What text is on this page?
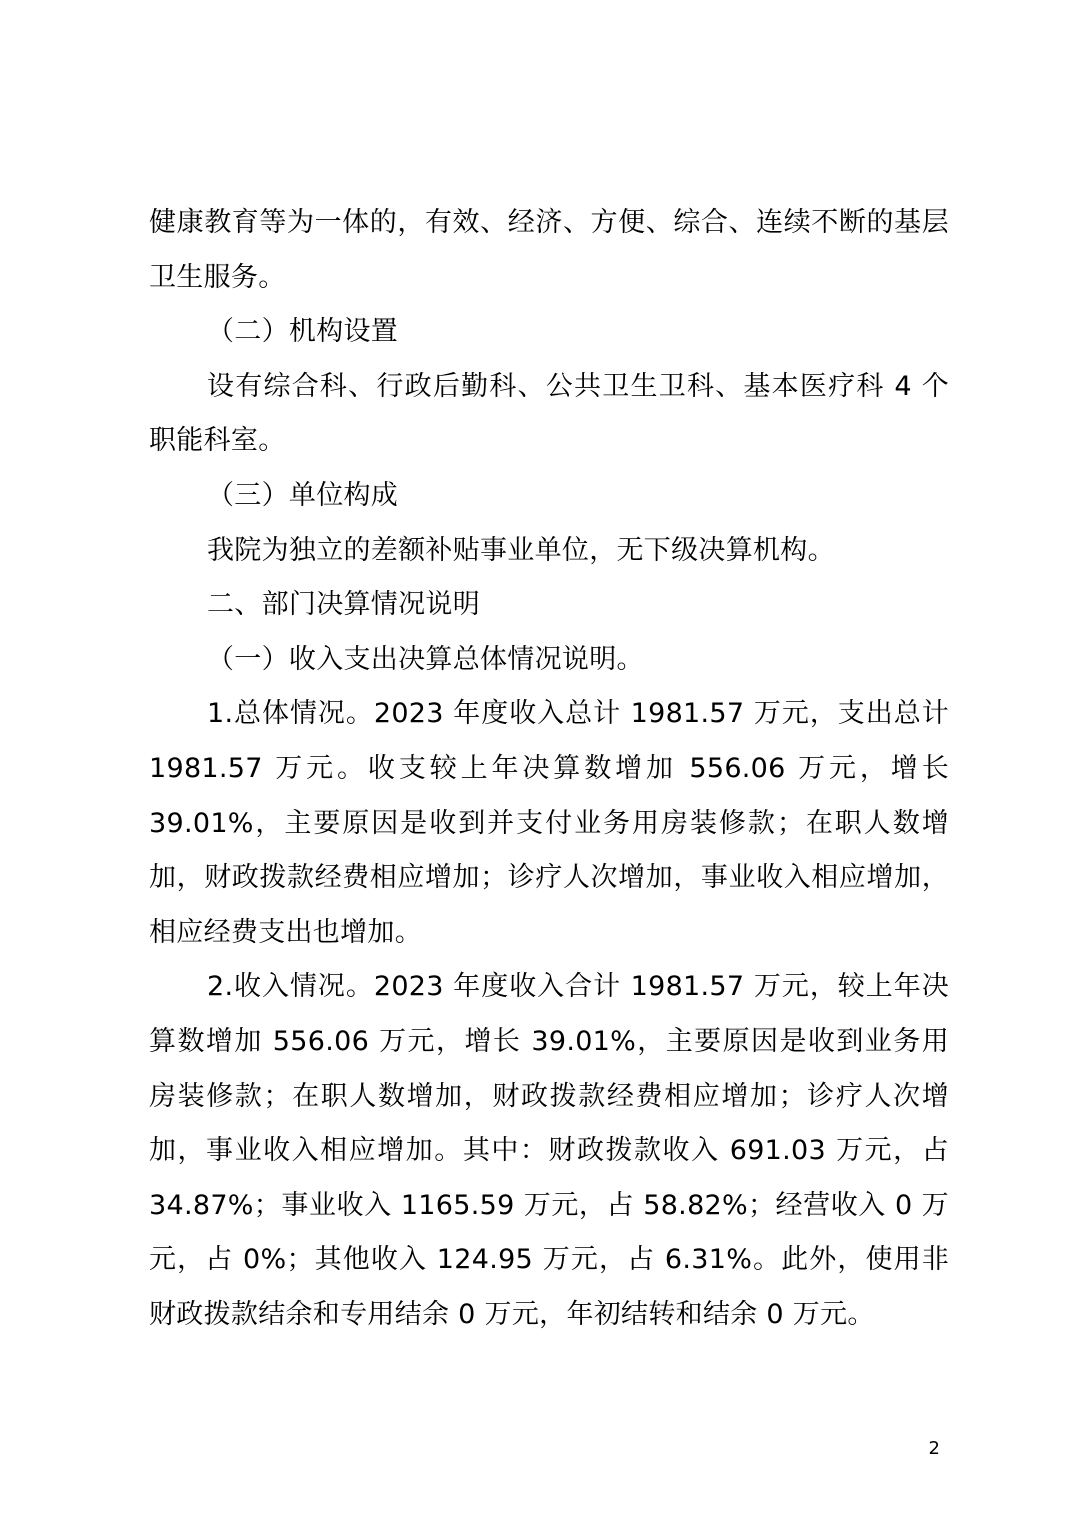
健康教育等为一体的，有效、经济、方便、综合、连续不断的基层卫生服务。

（二）机构设置

设有综合科、行政后勤科、公共卫生卫科、基本医疗科 4 个职能科室。

（三）单位构成

我院为独立的差额补贴事业单位，无下级决算机构。

二、部门决算情况说明

（一）收入支出决算总体情况说明。

1.总体情况。2023 年度收入总计 1981.57 万元，支出总计 1981.57 万元。收支较上年决算数增加 556.06 万元，增长 39.01%，主要原因是收到并支付业务用房装修款；在职人数增加，财政拨款经费相应增加；诊疗人次增加，事业收入相应增加，相应经费支出也增加。

2.收入情况。2023 年度收入合计 1981.57 万元，较上年决算数增加 556.06 万元，增长 39.01%，主要原因是收到业务用房装修款；在职人数增加，财政拨款经费相应增加；诊疗人次增加，事业收入相应增加。其中：财政拨款收入 691.03 万元，占 34.87%；事业收入 1165.59 万元，占 58.82%；经营收入 0 万元，占 0%；其他收入 124.95 万元，占 6.31%。此外，使用非财政拨款结余和专用结余 0 万元，年初结转和结余 0 万元。

2
